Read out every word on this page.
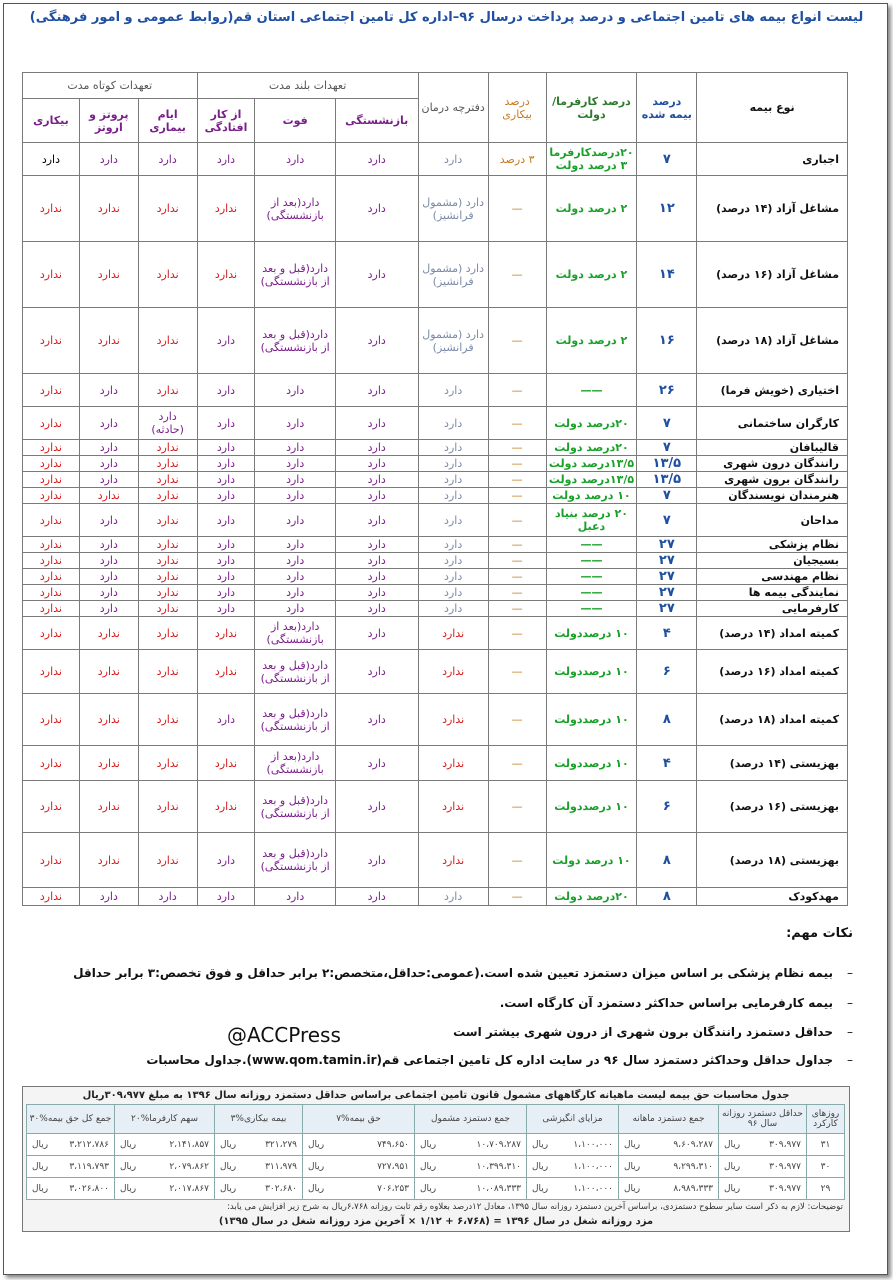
لیست انواع بیمه های تامین اجتماعی و درصد پرداخت درسال ۹۶–اداره کل تامین اجتماعی استان قم(روابط عمومی و امور فرهنگی)
نوع بیمه	درصد بیمه شده	درصد کارفرما/دولت	درصد بیکاری	دفترچه درمان	تعهدات بلند مدت			تعهدات کوتاه مدت		
					بازنشستگی	فوت	از کار افتادگی	ایام بیماری	پروتز و اروتز	بیکاری
اجباری	۷	۲۰درصدکارفرما ۳ درصد دولت	۳ درصد	دارد	دارد	دارد	دارد	دارد	دارد	دارد
مشاغل آزاد (۱۴ درصد)	۱۲	۲ درصد دولت	—	دارد (مشمول فرانشیز)	دارد	دارد(بعد از بازنشستگی)	ندارد	ندارد	ندارد	ندارد
مشاغل آزاد (۱۶ درصد)	۱۴	۲ درصد دولت	—	دارد (مشمول فرانشیز)	دارد	دارد(قبل و بعد از بازنشستگی)	ندارد	ندارد	ندارد	ندارد
مشاغل آزاد (۱۸ درصد)	۱۶	۲ درصد دولت	—	دارد (مشمول فرانشیز)	دارد	دارد(قبل و بعد از بازنشستگی)	دارد	ندارد	ندارد	ندارد
اختیاری (خویش فرما)	۲۶	——	—	دارد	دارد	دارد	دارد	ندارد	دارد	ندارد
کارگران ساختمانی	۷	۲۰درصد دولت	—	دارد	دارد	دارد	دارد	دارد (حادثه)	دارد	ندارد
قالیبافان	۷	۲۰درصد دولت	—	دارد	دارد	دارد	دارد	ندارد	دارد	ندارد
رانندگان درون شهری	۱۳/۵	۱۳/۵درصد دولت	—	دارد	دارد	دارد	دارد	ندارد	دارد	ندارد
رانندگان برون شهری	۱۳/۵	۱۳/۵درصد دولت	—	دارد	دارد	دارد	دارد	ندارد	دارد	ندارد
هنرمندان نویسندگان	۷	۱۰ درصد دولت	—	دارد	دارد	دارد	دارد	ندارد	ندارد	ندارد
مداحان	۷	۲۰ درصد بنیاد دعبل	—	دارد	دارد	دارد	دارد	ندارد	دارد	ندارد
نظام پزشکی	۲۷	——	—	دارد	دارد	دارد	دارد	ندارد	دارد	ندارد
بسیجیان	۲۷	——	—	دارد	دارد	دارد	دارد	ندارد	دارد	ندارد
نظام مهندسی	۲۷	——	—	دارد	دارد	دارد	دارد	ندارد	دارد	ندارد
نمایندگی بیمه ها	۲۷	——	—	دارد	دارد	دارد	دارد	ندارد	دارد	ندارد
کارفرمایی	۲۷	——	—	دارد	دارد	دارد	دارد	ندارد	دارد	ندارد
کمیته امداد (۱۴ درصد)	۴	۱۰ درصددولت	—	ندارد	دارد	دارد(بعد از بازنشستگی)	ندارد	ندارد	ندارد	ندارد
کمیته امداد (۱۶ درصد)	۶	۱۰ درصددولت	—	ندارد	دارد	دارد(قبل و بعد از بازنشستگی)	ندارد	ندارد	ندارد	ندارد
کمیته امداد (۱۸ درصد)	۸	۱۰ درصددولت	—	ندارد	دارد	دارد(قبل و بعد از بازنشستگی)	دارد	ندارد	ندارد	ندارد
بهزیستی (۱۴ درصد)	۴	۱۰ درصددولت	—	ندارد	دارد	دارد(بعد از بازنشستگی)	ندارد	ندارد	ندارد	ندارد
بهزیستی (۱۶ درصد)	۶	۱۰ درصددولت	—	ندارد	دارد	دارد(قبل و بعد از بازنشستگی)	ندارد	ندارد	ندارد	ندارد
بهزیستی (۱۸ درصد)	۸	۱۰ درصد دولت	—	ندارد	دارد	دارد(قبل و بعد از بازنشستگی)	دارد	ندارد	ندارد	ندارد
مهدکودک	۸	۲۰درصد دولت	—	دارد	دارد	دارد	دارد	دارد	دارد	ندارد
نکات مهم:
–بیمه نظام پزشکی بر اساس میزان دستمزد تعیین شده است.(عمومی:حداقل،متخصص:۲ برابر حداقل و فوق تخصص:۳ برابر حداقل
–بیمه کارفرمایی براساس حداکثر دستمزد آن کارگاه است.
–حداقل دستمزد رانندگان برون شهری از درون شهری بیشتر است
–جداول حداقل وحداکثر دستمزد سال ۹۶ در سایت اداره کل تامین اجتماعی قم(www.qom.tamin.ir).جداول محاسبات
@ACCPress
جدول محاسبات حق بیمه لیست ماهیانه کارگاههای مشمول قانون تامین اجتماعی براساس حداقل دستمزد روزانه سال ۱۳۹۶ به مبلغ ۳۰۹،۹۷۷ریال
روزهای کارکرد	حداقل دستمزد روزانه سال ۹۶	جمع دستمزد ماهانه	مزایای انگیزشی	جمع دستمزد مشمول	حق بیمه%۷	بیمه بیکاری%۳	سهم کارفرما%۲۰	جمع کل حق بیمه%۳۰
۳۱	ریال ۳۰۹،۹۷۷	ریال ۹،۶۰۹،۲۸۷	ریال ۱،۱۰۰،۰۰۰	ریال ۱۰،۷۰۹،۲۸۷	ریال ۷۴۹،۶۵۰	ریال ۳۲۱،۲۷۹	ریال ۲،۱۴۱،۸۵۷	ریال ۳،۲۱۲،۷۸۶

۳۰	ریال ۳۰۹،۹۷۷	ریال ۹،۲۹۹،۳۱۰	ریال ۱،۱۰۰،۰۰۰	ریال ۱۰،۳۹۹،۳۱۰	ریال ۷۲۷،۹۵۱	ریال ۳۱۱،۹۷۹	ریال ۲،۰۷۹،۸۶۲	ریال ۳،۱۱۹،۷۹۳

۲۹	ریال ۳۰۹،۹۷۷	ریال ۸،۹۸۹،۳۳۳	ریال ۱،۱۰۰،۰۰۰	ریال ۱۰،۰۸۹،۳۳۳	ریال ۷۰۶،۲۵۳	ریال ۳۰۲،۶۸۰	ریال ۲،۰۱۷،۸۶۷	ریال ۳،۰۲۶،۸۰۰
توضیحات: لازم به ذکر است سایر سطوح دستمزدی، براساس آخرین دستمزد روزانه سال ۱۳۹۵، معادل ۱۲درصد بعلاوه رقم ثابت روزانه ۶،۷۶۸ریال به شرح زیر افزایش می یابد:
مزد روزانه شغل در سال ۱۳۹۶ = (۶،۷۶۸ + ۱/۱۲ × آخرین مزد روزانه شغل در سال ۱۳۹۵)
